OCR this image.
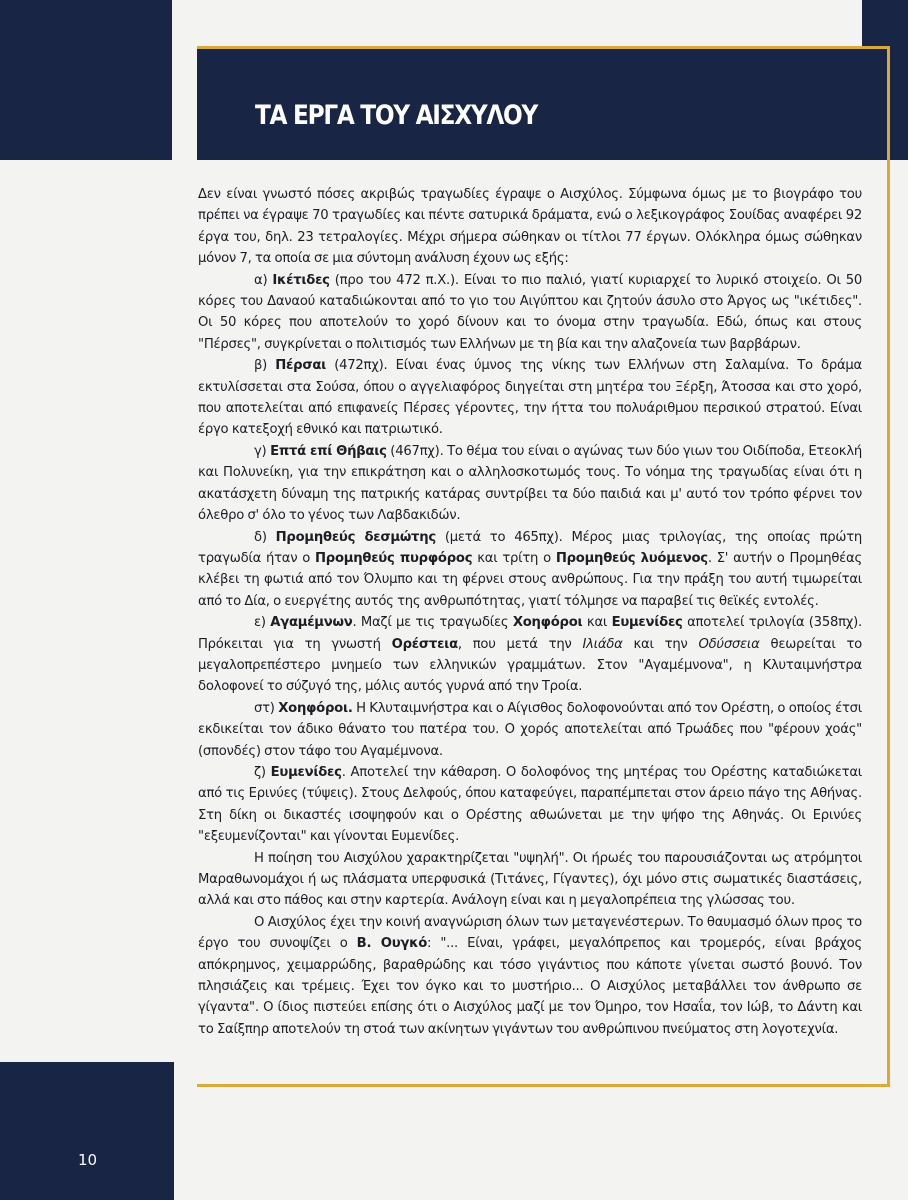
ΤΑ ΕΡΓΑ ΤΟΥ ΑΙΣΧΥΛΟΥ

Δεν είναι γνωστό πόσες ακριβώς τραγωδίες έγραψε ο Αισχύλος. Σύμφωνα όμως με το βιογράφο του πρέπει να έγραψε 70 τραγωδίες και πέντε σατυρικά δράματα, ενώ ο λεξικογράφος Σουίδας αναφέρει 92 έργα του, δηλ. 23 τετραλογίες. Μέχρι σήμερα σώθηκαν οι τίτλοι 77 έργων. Ολόκληρα όμως σώθηκαν μόνον 7, τα οποία σε μια σύντομη ανάλυση έχουν ως εξής:

α) Ικέτιδες (προ του 472 π.Χ.). Είναι το πιο παλιό, γιατί κυριαρχεί το λυρικό στοιχείο. Οι 50 κόρες του Δαναού καταδιώκονται από το γιο του Αιγύπτου και ζητούν άσυλο στο Άργος ως "ικέτιδες". Οι 50 κόρες που αποτελούν το χορό δίνουν και το όνομα στην τραγωδία. Εδώ, όπως και στους "Πέρσες", συγκρίνεται ο πολιτισμός των Ελλήνων με τη βία και την αλαζονεία των βαρβάρων.

β) Πέρσαι (472πχ). Είναι ένας ύμνος της νίκης των Ελλήνων στη Σαλαμίνα. Το δράμα εκτυλίσσεται στα Σούσα, όπου ο αγγελιαφόρος διηγείται στη μητέρα του Ξέρξη, Άτοσσα και στο χορό, που αποτελείται από επιφανείς Πέρσες γέροντες, την ήττα του πολυάριθμου περσικού στρατού. Είναι έργο κατεξοχή εθνικό και πατριωτικό.

γ) Επτά επί Θήβαις (467πχ). Το θέμα του είναι ο αγώνας των δύο γιων του Οιδίποδα, Ετεοκλή και Πολυνείκη, για την επικράτηση και ο αλληλοσκοτωμός τους. Το νόημα της τραγωδίας είναι ότι η ακατάσχετη δύναμη της πατρικής κατάρας συντρίβει τα δύο παιδιά και μ' αυτό τον τρόπο φέρνει τον όλεθρο σ' όλο το γένος των Λαβδακιδών.

δ) Προμηθεύς δεσμώτης (μετά το 465πχ). Μέρος μιας τριλογίας, της οποίας πρώτη τραγωδία ήταν ο Προμηθεύς πυρφόρος και τρίτη ο Προμηθεύς λυόμενος. Σ' αυτήν ο Προμηθέας κλέβει τη φωτιά από τον Όλυμπο και τη φέρνει στους ανθρώπους. Για την πράξη του αυτή τιμωρείται από το Δία, ο ευεργέτης αυτός της ανθρωπότητας, γιατί τόλμησε να παραβεί τις θεϊκές εντολές.

ε) Αγαμέμνων. Μαζί με τις τραγωδίες Χοηφόροι και Ευμενίδες αποτελεί τριλογία (358πχ). Πρόκειται για τη γνωστή Ορέστεια, που μετά την Ιλιάδα και την Οδύσσεια θεωρείται το μεγαλοπρεπέστερο μνημείο των ελληνικών γραμμάτων. Στον "Αγαμέμνονα", η Κλυταιμνήστρα δολοφονεί το σύζυγό της, μόλις αυτός γυρνά από την Τροία.

στ) Χοηφόροι. Η Κλυταιμνήστρα και ο Αίγισθος δολοφονούνται από τον Ορέστη, ο οποίος έτσι εκδικείται τον άδικο θάνατο του πατέρα του. Ο χορός αποτελείται από Τρωάδες που "φέρουν χοάς" (σπονδές) στον τάφο του Αγαμέμνονα.

ζ) Ευμενίδες. Αποτελεί την κάθαρση. Ο δολοφόνος της μητέρας του Ορέστης καταδιώκεται από τις Ερινύες (τύψεις). Στους Δελφούς, όπου καταφεύγει, παραπέμπεται στον άρειο πάγο της Αθήνας. Στη δίκη οι δικαστές ισοψηφούν και ο Ορέστης αθωώνεται με την ψήφο της Αθηνάς. Οι Ερινύες "εξευμενίζονται" και γίνονται Ευμενίδες.

Η ποίηση του Αισχύλου χαρακτηρίζεται "υψηλή". Οι ήρωές του παρουσιάζονται ως ατρόμητοι Μαραθωνομάχοι ή ως πλάσματα υπερφυσικά (Τιτάνες, Γίγαντες), όχι μόνο στις σωματικές διαστάσεις, αλλά και στο πάθος και στην καρτερία. Ανάλογη είναι και η μεγαλοπρέπεια της γλώσσας του.

Ο Αισχύλος έχει την κοινή αναγνώριση όλων των μεταγενέστερων. Το θαυμασμό όλων προς το έργο του συνοψίζει ο Β. Ουγκό: "... Είναι, γράφει, μεγαλόπρεπος και τρομερός, είναι βράχος απόκρημνος, χειμαρρώδης, βαραθρώδης και τόσο γιγάντιος που κάποτε γίνεται σωστό βουνό. Τον πλησιάζεις και τρέμεις. Έχει τον όγκο και το μυστήριο... Ο Αισχύλος μεταβάλλει τον άνθρωπο σε γίγαντα". Ο ίδιος πιστεύει επίσης ότι ο Αισχύλος μαζί με τον Όμηρο, τον Ησαΐα, τον Ιώβ, το Δάντη και το Σαίξπηρ αποτελούν τη στοά των ακίνητων γιγάντων του ανθρώπινου πνεύματος στη λογοτεχνία.

10
